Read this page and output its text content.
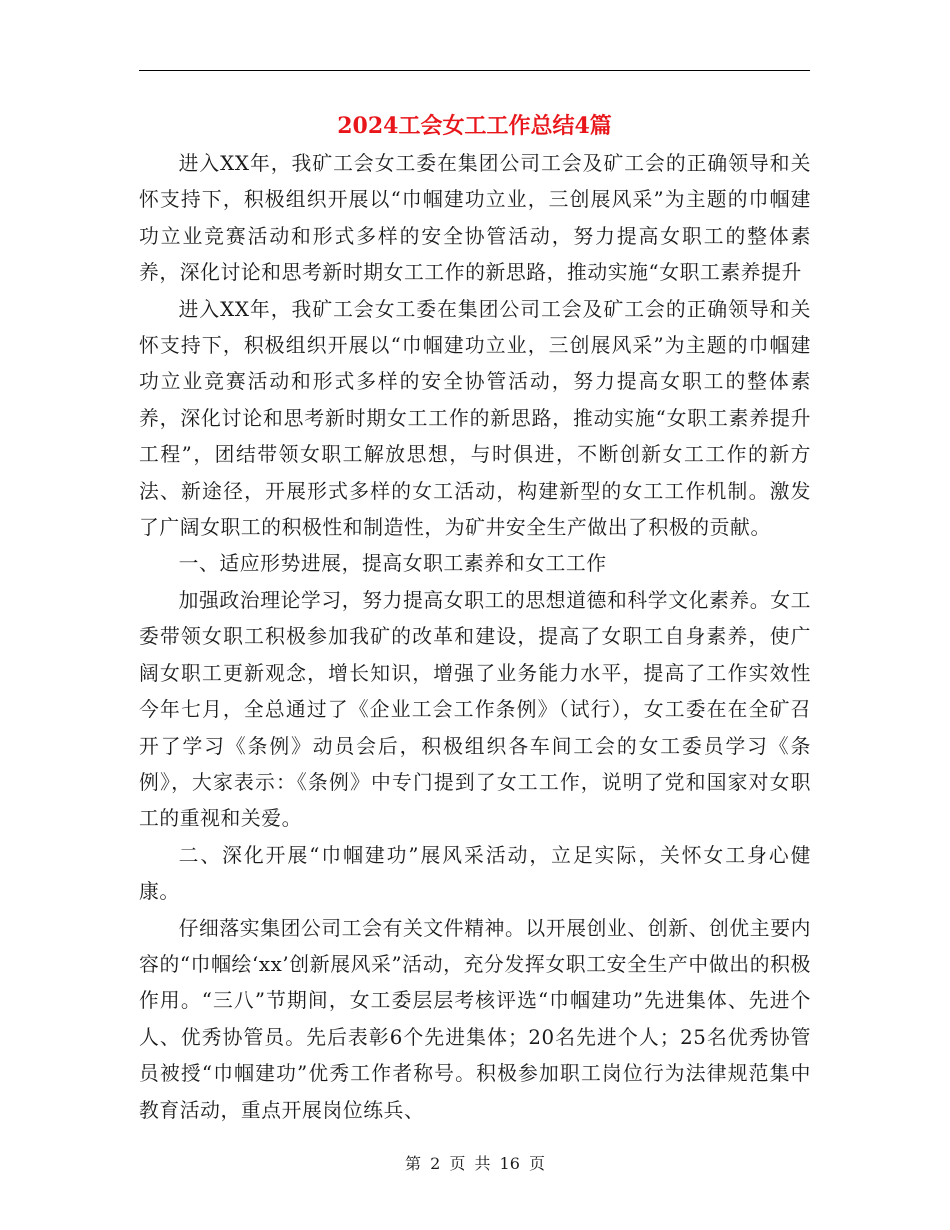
2024工会女工工作总结4篇

进入XX年，我矿工会女工委在集团公司工会及矿工会的正确领导和关怀支持下，积极组织开展以“巾帼建功立业，三创展风采”为主题的巾帼建功立业竞赛活动和形式多样的安全协管活动，努力提高女职工的整体素养，深化讨论和思考新时期女工工作的新思路，推动实施“女职工素养提升

进入XX年，我矿工会女工委在集团公司工会及矿工会的正确领导和关怀支持下，积极组织开展以“巾帼建功立业，三创展风采”为主题的巾帼建功立业竞赛活动和形式多样的安全协管活动，努力提高女职工的整体素养，深化讨论和思考新时期女工工作的新思路，推动实施“女职工素养提升工程”，团结带领女职工解放思想，与时俱进，不断创新女工工作的新方法、新途径，开展形式多样的女工活动，构建新型的女工工作机制。激发了广阔女职工的积极性和制造性，为矿井安全生产做出了积极的贡献。

一、适应形势进展，提高女职工素养和女工工作

加强政治理论学习，努力提高女职工的思想道德和科学文化素养。女工委带领女职工积极参加我矿的改革和建设，提高了女职工自身素养，使广阔女职工更新观念，增长知识，增强了业务能力水平，提高了工作实效性　　今年七月，全总通过了《企业工会工作条例》（试行），女工委在在全矿召开了学习《条例》动员会后，积极组织各车间工会的女工委员学习《条例》，大家表示：《条例》中专门提到了女工工作，说明了党和国家对女职工的重视和关爱。

二、深化开展“巾帼建功”展风采活动，立足实际，关怀女工身心健康。

仔细落实集团公司工会有关文件精神。以开展创业、创新、创优主要内容的“巾帼绘‘xx’创新展风采”活动，充分发挥女职工安全生产中做出的积极作用。“三八”节期间，女工委层层考核评选“巾帼建功”先进集体、先进个人、优秀协管员。先后表彰6个先进集体；20名先进个人；25名优秀协管员被授“巾帼建功”优秀工作者称号。积极参加职工岗位行为法律规范集中教育活动，重点开展岗位练兵、

第 2 页 共 16 页
